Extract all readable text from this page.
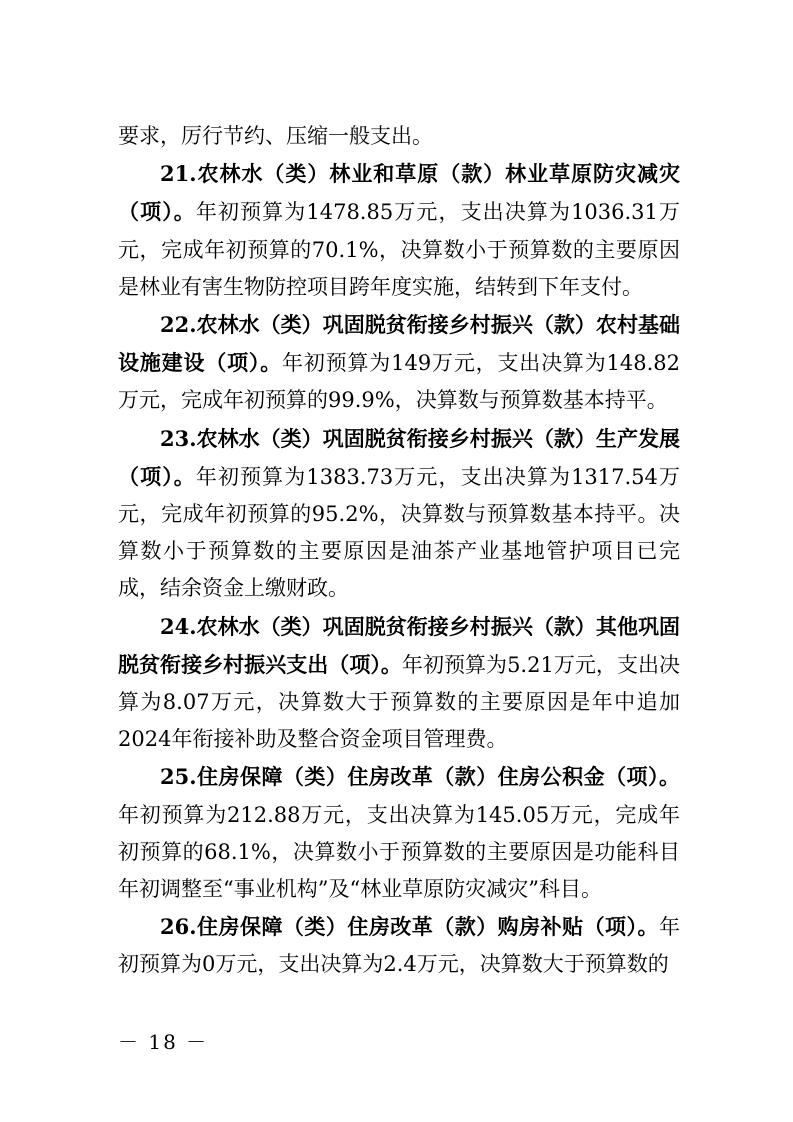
要求，厉行节约、压缩一般支出。

21.农林水（类）林业和草原（款）林业草原防灾减灾（项）。年初预算为1478.85万元，支出决算为1036.31万元，完成年初预算的70.1%，决算数小于预算数的主要原因是林业有害生物防控项目跨年度实施，结转到下年支付。

22.农林水（类）巩固脱贫衔接乡村振兴（款）农村基础设施建设（项）。年初预算为149万元，支出决算为148.82万元，完成年初预算的99.9%，决算数与预算数基本持平。

23.农林水（类）巩固脱贫衔接乡村振兴（款）生产发展（项）。年初预算为1383.73万元，支出决算为1317.54万元，完成年初预算的95.2%，决算数与预算数基本持平。决算数小于预算数的主要原因是油茶产业基地管护项目已完成，结余资金上缴财政。

24.农林水（类）巩固脱贫衔接乡村振兴（款）其他巩固脱贫衔接乡村振兴支出（项）。年初预算为5.21万元，支出决算为8.07万元，决算数大于预算数的主要原因是年中追加2024年衔接补助及整合资金项目管理费。

25.住房保障（类）住房改革（款）住房公积金（项）。年初预算为212.88万元，支出决算为145.05万元，完成年初预算的68.1%，决算数小于预算数的主要原因是功能科目年初调整至“事业机构”及“林业草原防灾减灾”科目。

26.住房保障（类）住房改革（款）购房补贴（项）。年初预算为0万元，支出决算为2.4万元，决算数大于预算数的

－ 18 －
